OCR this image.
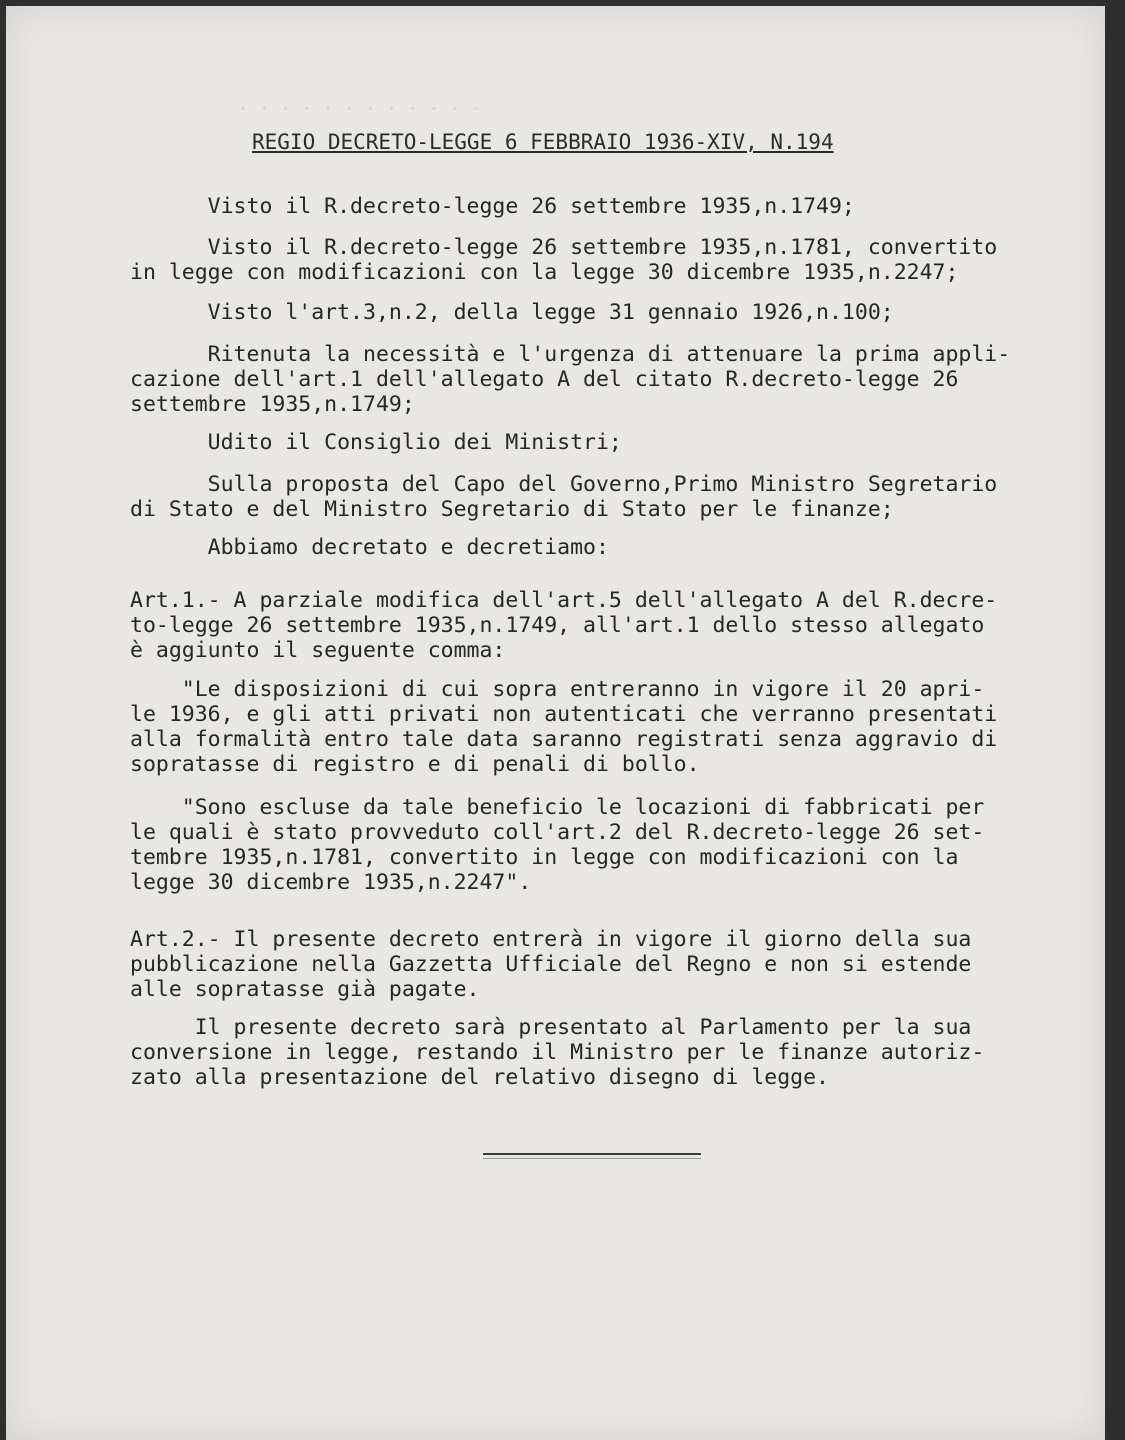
· · · · · · · · · · · ·
REGIO DECRETO-LEGGE 6 FEBBRAIO 1936-XIV, N.194
Visto il R.decreto-legge 26 settembre 1935,n.1749;
Visto il R.decreto-legge 26 settembre 1935,n.1781, convertito
in legge con modificazioni con la legge 30 dicembre 1935,n.2247;
Visto l'art.3,n.2, della legge 31 gennaio 1926,n.100;
Ritenuta la necessità e l'urgenza di attenuare la prima appli-
cazione dell'art.1 dell'allegato A del citato R.decreto-legge 26
settembre 1935,n.1749;
Udito il Consiglio dei Ministri;
Sulla proposta del Capo del Governo,Primo Ministro Segretario
di Stato e del Ministro Segretario di Stato per le finanze;
Abbiamo decretato e decretiamo:
Art.1.- A parziale modifica dell'art.5 dell'allegato A del R.decre-
to-legge 26 settembre 1935,n.1749, all'art.1 dello stesso allegato
è aggiunto il seguente comma:
"Le disposizioni di cui sopra entreranno in vigore il 20 apri-
le 1936, e gli atti privati non autenticati che verranno presentati
alla formalità entro tale data saranno registrati senza aggravio di
sopratasse di registro e di penali di bollo.
"Sono escluse da tale beneficio le locazioni di fabbricati per
le quali è stato provveduto coll'art.2 del R.decreto-legge 26 set-
tembre 1935,n.1781, convertito in legge con modificazioni con la
legge 30 dicembre 1935,n.2247".
Art.2.- Il presente decreto entrerà in vigore il giorno della sua
pubblicazione nella Gazzetta Ufficiale del Regno e non si estende
alle sopratasse già pagate.
Il presente decreto sarà presentato al Parlamento per la sua
conversione in legge, restando il Ministro per le finanze autoriz-
zato alla presentazione del relativo disegno di legge.
